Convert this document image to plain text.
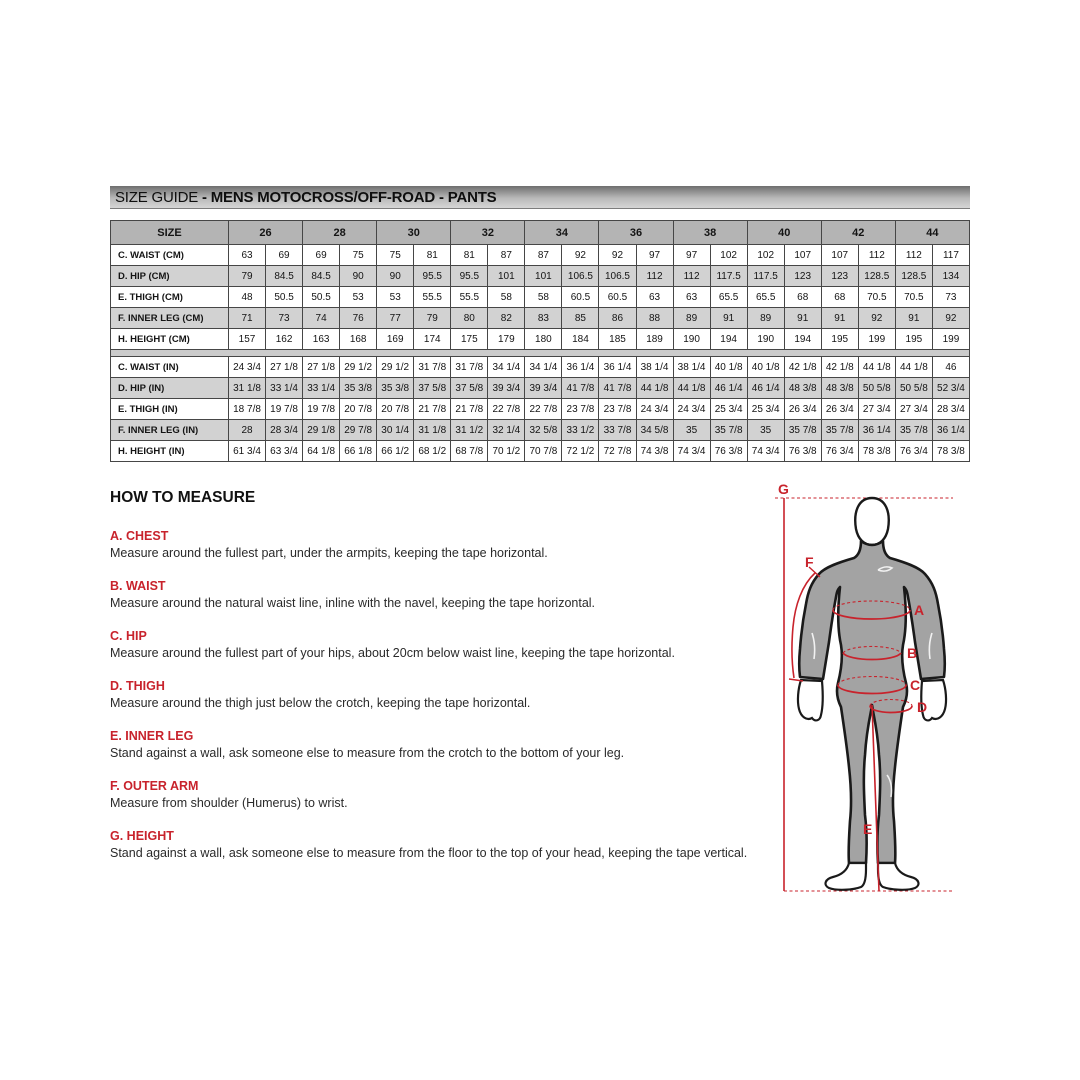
SIZE GUIDE - MENS MOTOCROSS/OFF-ROAD - PANTS
SIZE	26		28		30		32		34		36		38		40		42		44	
C. WAIST (CM)	63	69	69	75	75	81	81	87	87	92	92	97	97	102	102	107	107	112	112	117
D. HIP (CM)	79	84.5	84.5	90	90	95.5	95.5	101	101	106.5	106.5	112	112	117.5	117.5	123	123	128.5	128.5	134
E. THIGH (CM)	48	50.5	50.5	53	53	55.5	55.5	58	58	60.5	60.5	63	63	65.5	65.5	68	68	70.5	70.5	73
F. INNER LEG (CM)	71	73	74	76	77	79	80	82	83	85	86	88	89	91	89	91	91	92	91	92
H. HEIGHT (CM)	157	162	163	168	169	174	175	179	180	184	185	189	190	194	190	194	195	199	195	199

C. WAIST (IN)	24 3/4	27 1/8	27 1/8	29 1/2	29 1/2	31 7/8	31 7/8	34 1/4	34 1/4	36 1/4	36 1/4	38 1/4	38 1/4	40 1/8	40 1/8	42 1/8	42 1/8	44 1/8	44 1/8	46
D. HIP (IN)	31 1/8	33 1/4	33 1/4	35 3/8	35 3/8	37 5/8	37 5/8	39 3/4	39 3/4	41 7/8	41 7/8	44 1/8	44 1/8	46 1/4	46 1/4	48 3/8	48 3/8	50 5/8	50 5/8	52 3/4
E. THIGH (IN)	18 7/8	19 7/8	19 7/8	20 7/8	20 7/8	21 7/8	21 7/8	22 7/8	22 7/8	23 7/8	23 7/8	24 3/4	24 3/4	25 3/4	25 3/4	26 3/4	26 3/4	27 3/4	27 3/4	28 3/4
F. INNER LEG (IN)	28	28 3/4	29 1/8	29 7/8	30 1/4	31 1/8	31 1/2	32 1/4	32 5/8	33 1/2	33 7/8	34 5/8	35	35 7/8	35	35 7/8	35 7/8	36 1/4	35 7/8	36 1/4
H. HEIGHT (IN)	61 3/4	63 3/4	64 1/8	66 1/8	66 1/2	68 1/2	68 7/8	70 1/2	70 7/8	72 1/2	72 7/8	74 3/8	74 3/4	76 3/8	74 3/4	76 3/8	76 3/4	78 3/8	76 3/4	78 3/8
HOW TO MEASURE
A. CHEST
Measure around the fullest part, under the armpits, keeping the tape horizontal.
B. WAIST
Measure around the natural waist line, inline with the navel, keeping the tape horizontal.
C. HIP
Measure around the fullest part of your hips, about 20cm below waist line, keeping the tape horizontal.
D. THIGH
Measure around the thigh just below the crotch, keeping the tape horizontal.
E. INNER LEG
Stand against a wall, ask someone else to measure from the crotch to the bottom of your leg.
F. OUTER ARM
Measure from shoulder (Humerus) to wrist.
G. HEIGHT
Stand against a wall, ask someone else to measure from the floor to the top of your head, keeping the tape vertical.
G
F
A
B
C
D
E
